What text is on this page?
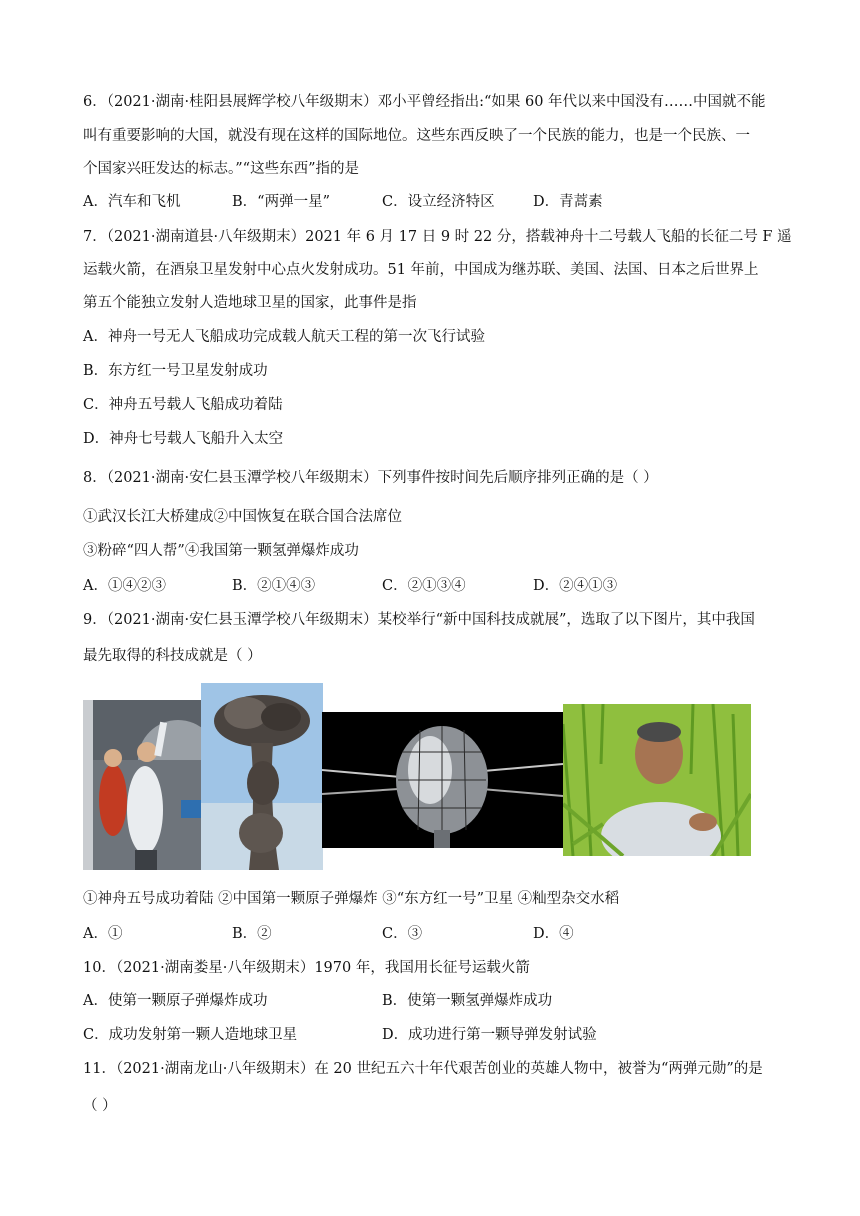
6．（2021·湖南·桂阳县展辉学校八年级期末）邓小平曾经指出:“如果 60 年代以来中国没有……中国就不能
叫有重要影响的大国，就没有现在这样的国际地位。这些东西反映了一个民族的能力，也是一个民族、一
个国家兴旺发达的标志。”“这些东西”指的是
A．汽车和飞机	B．“两弹一星”	C．设立经济特区	D．青蒿素
7．（2021·湖南道县·八年级期末）2021 年 6 月 17 日 9 时 22 分，搭载神舟十二号载人飞船的长征二号 F 遥
运载火箭，在酒泉卫星发射中心点火发射成功。51 年前，中国成为继苏联、美国、法国、日本之后世界上
第五个能独立发射人造地球卫星的国家，此事件是指
A．神舟一号无人飞船成功完成载人航天工程的第一次飞行试验
B．东方红一号卫星发射成功
C．神舟五号载人飞船成功着陆
D．神舟七号载人飞船升入太空
8．（2021·湖南·安仁县玉潭学校八年级期末）下列事件按时间先后顺序排列正确的是（ ）
①武汉长江大桥建成②中国恢复在联合国合法席位
③粉碎“四人帮”④我国第一颗氢弹爆炸成功
A．①④②③	B．②①④③	C．②①③④	D．②④①③
9．（2021·湖南·安仁县玉潭学校八年级期末）某校举行“新中国科技成就展”，选取了以下图片，其中我国
最先取得的科技成就是（ ）
①神舟五号成功着陆 ②中国第一颗原子弹爆炸 ③“东方红一号”卫星 ④籼型杂交水稻
A．①	B．②	C．③	D．④
10．（2021·湖南娄星·八年级期末）1970 年，我国用长征号运载火箭
A．使第一颗原子弹爆炸成功	B．使第一颗氢弹爆炸成功
C．成功发射第一颗人造地球卫星	D．成功进行第一颗导弹发射试验
11．（2021·湖南龙山·八年级期末）在 20 世纪五六十年代艰苦创业的英雄人物中，被誉为“两弹元勋”的是
（ ）
